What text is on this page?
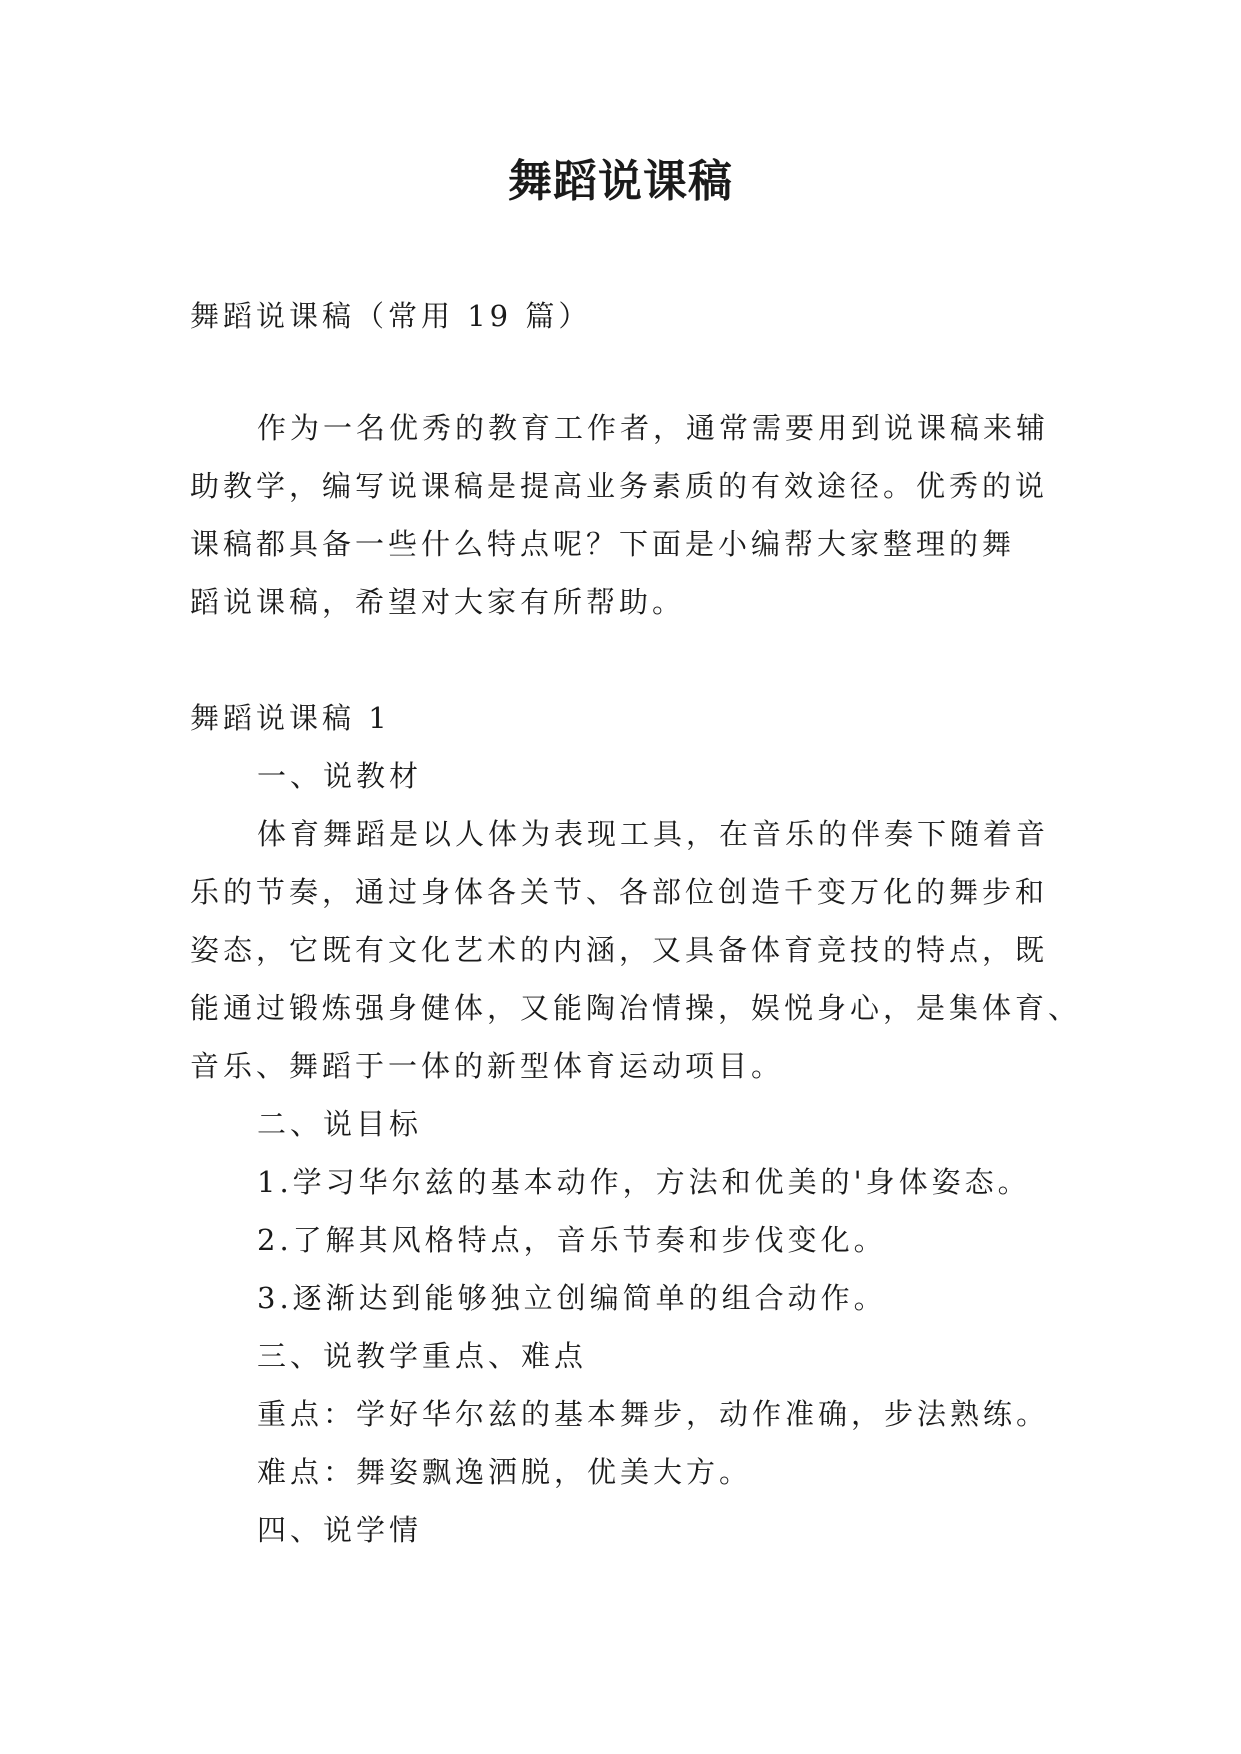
舞蹈说课稿
舞蹈说课稿（常用 19 篇）
作为一名优秀的教育工作者，通常需要用到说课稿来辅
助教学，编写说课稿是提高业务素质的有效途径。优秀的说
课稿都具备一些什么特点呢？下面是小编帮大家整理的舞
蹈说课稿，希望对大家有所帮助。
舞蹈说课稿 1
一、说教材
体育舞蹈是以人体为表现工具，在音乐的伴奏下随着音
乐的节奏，通过身体各关节、各部位创造千变万化的舞步和
姿态，它既有文化艺术的内涵，又具备体育竞技的特点，既
能通过锻炼强身健体，又能陶冶情操，娱悦身心，是集体育、
音乐、舞蹈于一体的新型体育运动项目。
二、说目标
1.学习华尔兹的基本动作，方法和优美的'身体姿态。
2.了解其风格特点，音乐节奏和步伐变化。
3.逐渐达到能够独立创编简单的组合动作。
三、说教学重点、难点
重点：学好华尔兹的基本舞步，动作准确，步法熟练。
难点：舞姿飘逸洒脱，优美大方。
四、说学情
